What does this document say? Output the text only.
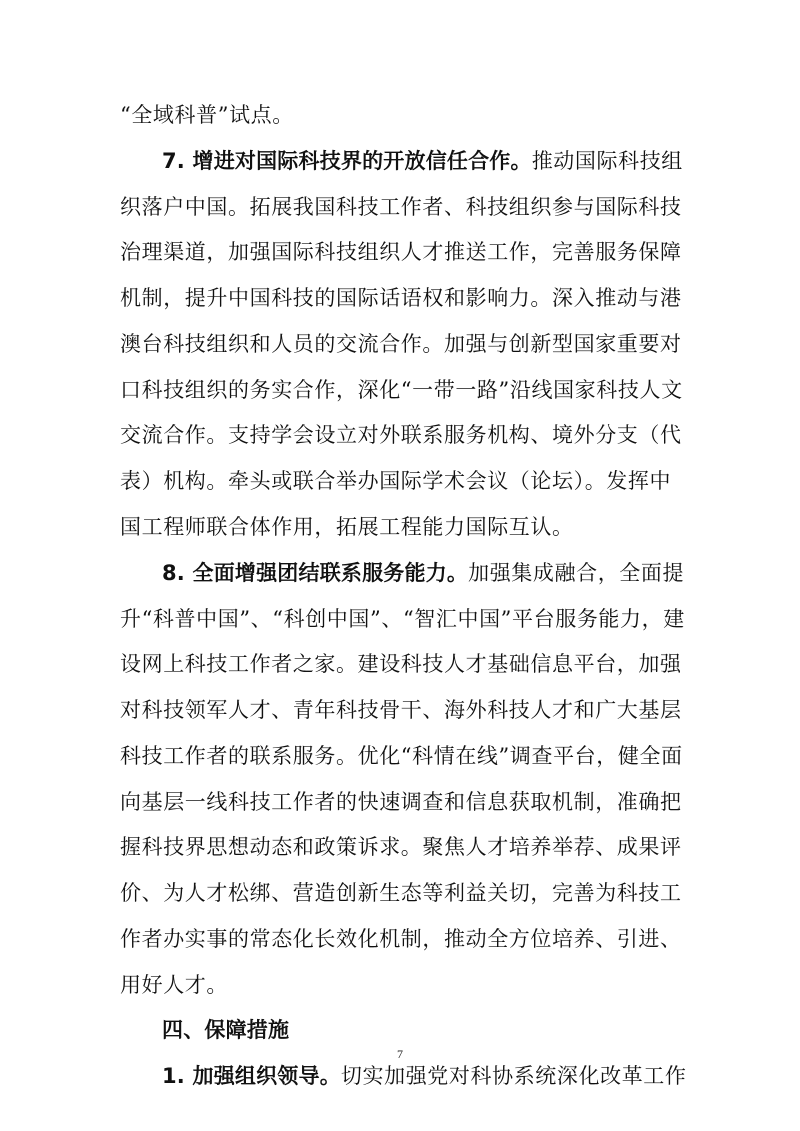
“全域科普”试点。
7. 增进对国际科技界的开放信任合作。推动国际科技组
织落户中国。拓展我国科技工作者、科技组织参与国际科技
治理渠道，加强国际科技组织人才推送工作，完善服务保障
机制，提升中国科技的国际话语权和影响力。深入推动与港
澳台科技组织和人员的交流合作。加强与创新型国家重要对
口科技组织的务实合作，深化“一带一路”沿线国家科技人文
交流合作。支持学会设立对外联系服务机构、境外分支（代
表）机构。牵头或联合举办国际学术会议（论坛）。发挥中
国工程师联合体作用，拓展工程能力国际互认。
8. 全面增强团结联系服务能力。加强集成融合，全面提
升“科普中国”、“科创中国”、“智汇中国”平台服务能力，建
设网上科技工作者之家。建设科技人才基础信息平台，加强
对科技领军人才、青年科技骨干、海外科技人才和广大基层
科技工作者的联系服务。优化“科情在线”调查平台，健全面
向基层一线科技工作者的快速调查和信息获取机制，准确把
握科技界思想动态和政策诉求。聚焦人才培养举荐、成果评
价、为人才松绑、营造创新生态等利益关切，完善为科技工
作者办实事的常态化长效化机制，推动全方位培养、引进、
用好人才。
四、保障措施
1. 加强组织领导。切实加强党对科协系统深化改革工作
7
